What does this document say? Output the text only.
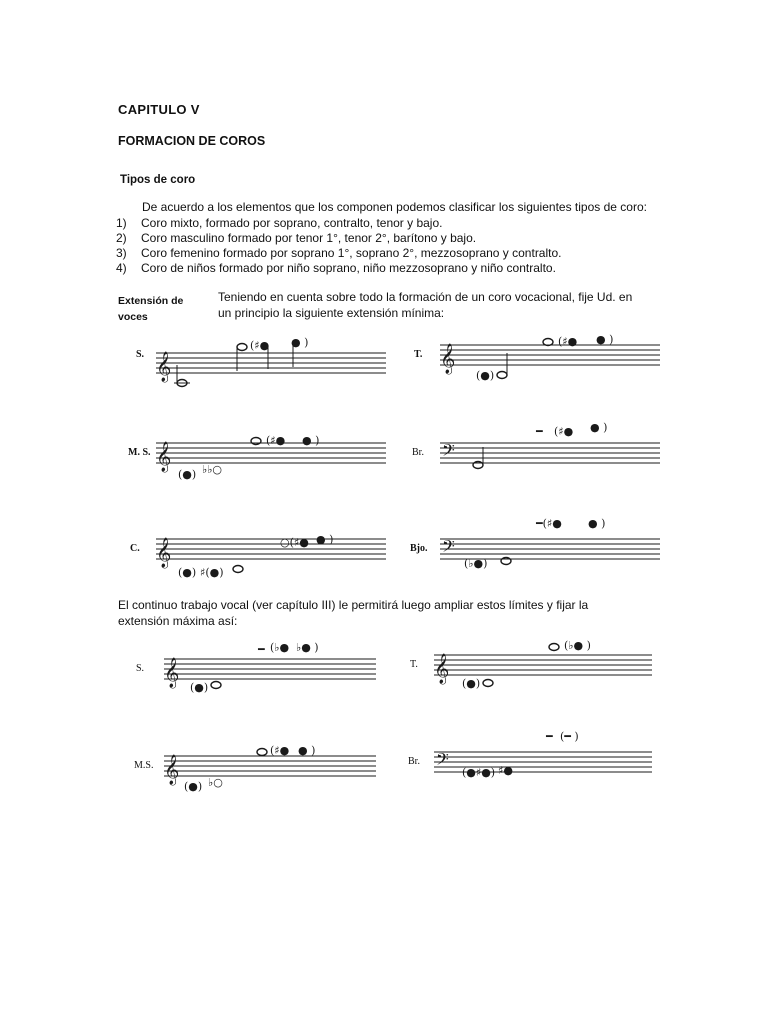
CAPITULO V
FORMACION DE COROS
Tipos de coro
De acuerdo a los elementos que los componen podemos clasificar los siguientes tipos de coro:
1)	Coro mixto, formado por soprano, contralto, tenor y bajo.
2)	Coro masculino formado por tenor 1°, tenor 2°, barítono y bajo.
3)	Coro femenino formado por soprano 1°, soprano 2°, mezzosoprano y contralto.
4)	Coro de niños formado por niño soprano, niño mezzosoprano y niño contralto.
Extensión de
voces
Teniendo en cuenta sobre todo la formación de un coro vocacional, fije Ud. en
un principio la siguiente extensión mínima:
S. 𝄞
(♯● ● )
T. 𝄞
(●)
(♯● ● )
M. S. 𝄞
(●) ♭♭○
(♯● ● )
Br. 𝄢
━ (♯● ● )
C. 𝄞
(●) ♯(●)
○(♯● ● )
Bjo. 𝄢
(♭●)
━(♯● ● )
El continuo trabajo vocal (ver capítulo III) le permitirá luego ampliar estos límites y fijar la
extensión máxima así:
S. 𝄞 (●)
━ (♭● ♭● )
T. 𝄞 (●)
(♭● )
M.S. 𝄞
(●) ♭○
(♯● ● )
Br. 𝄢 (●♯●) ♯●
━ (━ )
